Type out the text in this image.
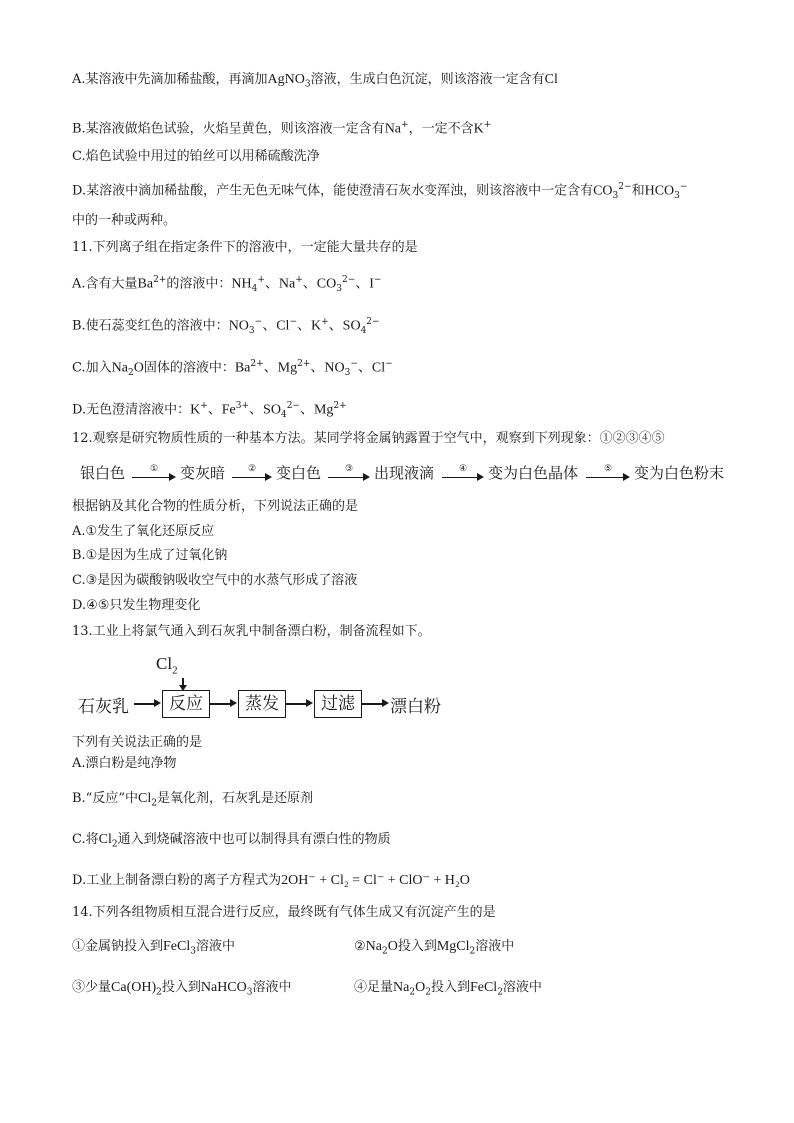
A.某溶液中先滴加稀盐酸，再滴加AgNO$_3$溶液，生成白色沉淀，则该溶液一定含有Cl
B.某溶液做焰色试验，火焰呈黄色，则该溶液一定含有Na+，一定不含K+
C.焰色试验中用过的铂丝可以用稀硫酸洗净
D.某溶液中滴加稀盐酸，产生无色无味气体，能使澄清石灰水变浑浊，则该溶液中一定含有$CO_3^{2-}$和$HCO_3^-$
中的一种或两种。
11.下列离子组在指定条件下的溶液中，一定能大量共存的是
A.含有大量$Ba^{2+}$的溶液中：$NH_4^+$、Na+、$CO_3^{2-}$、I−
B.使石蕊变红色的溶液中：$NO_3^-$、Cl−、K+、$SO_4^{2-}$
C.加入$Na_2O$固体的溶液中：$Ba^{2+}$、$Mg^{2+}$、$NO_3^-$、Cl−
D.无色澄清溶液中：K+、$Fe^{3+}$、$SO_4^{2-}$、$Mg^{2+}$
12.观察是研究物质性质的一种基本方法。某同学将金属钠露置于空气中，观察到下列现象：①②③④⑤
银白色	①	变灰暗	②	变白色	③	出现液滴	④	变为白色晶体	⑤	变为白色粉末
根据钠及其化合物的性质分析，下列说法正确的是
A.①发生了氧化还原反应
B.①是因为生成了过氧化钠
C.③是因为碳酸钠吸收空气中的水蒸气形成了溶液
D.④⑤只发生物理变化
13.工业上将氯气通入到石灰乳中制备漂白粉，制备流程如下。
$Cl_2$
石灰乳	反应	蒸发	过滤	漂白粉
下列有关说法正确的是
A.漂白粉是纯净物
B.“反应”中$Cl_2$是氧化剂，石灰乳是还原剂
C.将$Cl_2$通入到烧碱溶液中也可以制得具有漂白性的物质
D.工业上制备漂白粉的离子方程式为2OH⁻ + Cl₂ = Cl⁻ + ClO⁻ + H₂O
14.下列各组物质相互混合进行反应，最终既有气体生成又有沉淀产生的是
①金属钠投入到FeCl$_3$溶液中	$②Na_2O$投入到MgCl$_2$溶液中
③少量$Ca(OH)_2$投入到NaHCO$_3$溶液中	④足量$Na_2O_2$投入到FeCl$_2$溶液中
